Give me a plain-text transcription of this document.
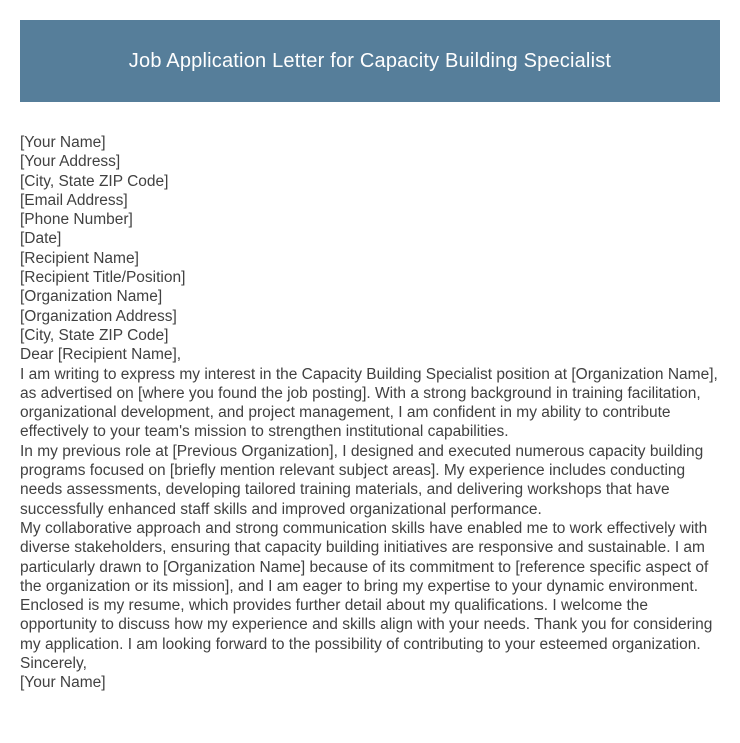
Job Application Letter for Capacity Building Specialist
[Your Name]
[Your Address]
[City, State ZIP Code]
[Email Address]
[Phone Number]
[Date]
[Recipient Name]
[Recipient Title/Position]
[Organization Name]
[Organization Address]
[City, State ZIP Code]
Dear [Recipient Name],

I am writing to express my interest in the Capacity Building Specialist position at [Organization Name], as advertised on [where you found the job posting]. With a strong background in training facilitation, organizational development, and project management, I am confident in my ability to contribute effectively to your team's mission to strengthen institutional capabilities.

In my previous role at [Previous Organization], I designed and executed numerous capacity building programs focused on [briefly mention relevant subject areas]. My experience includes conducting needs assessments, developing tailored training materials, and delivering workshops that have successfully enhanced staff skills and improved organizational performance.

My collaborative approach and strong communication skills have enabled me to work effectively with diverse stakeholders, ensuring that capacity building initiatives are responsive and sustainable. I am particularly drawn to [Organization Name] because of its commitment to [reference specific aspect of the organization or its mission], and I am eager to bring my expertise to your dynamic environment.

Enclosed is my resume, which provides further detail about my qualifications. I welcome the opportunity to discuss how my experience and skills align with your needs. Thank you for considering my application. I am looking forward to the possibility of contributing to your esteemed organization.

Sincerely,
[Your Name]
